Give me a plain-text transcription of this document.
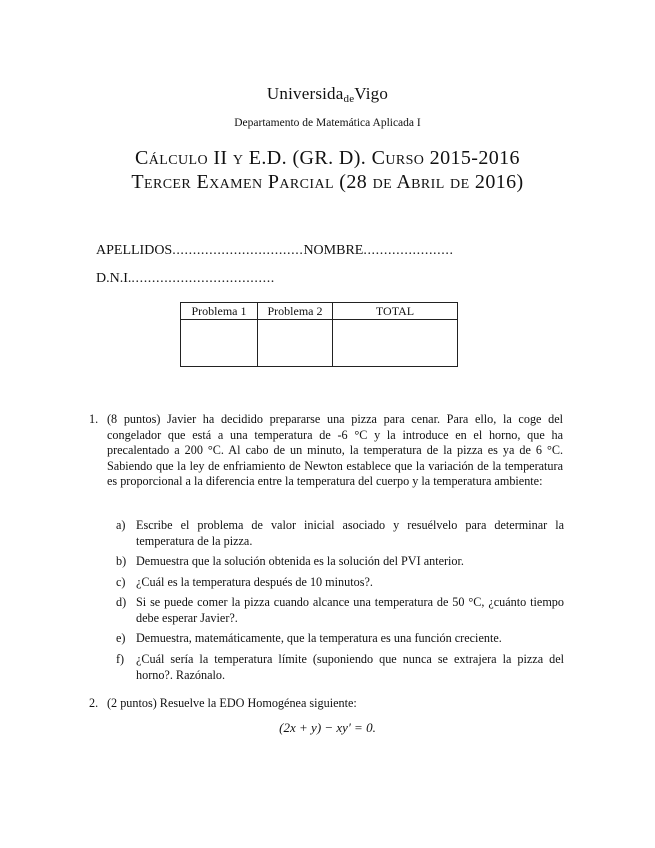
UniversidadeVigo
Departamento de Matemática Aplicada I
Cálculo II y E.D. (GR. D). Curso 2015-2016
Tercer Examen Parcial (28 de Abril de 2016)
APELLIDOS................................NOMBRE......................
D.N.I....................................
Problema 1	Problema 2	TOTAL

1. (8 puntos) Javier ha decidido prepararse una pizza para cenar. Para ello, la coge del congelador que está a una temperatura de -6 °C y la introduce en el horno, que ha precalentado a 200 °C. Al cabo de un minuto, la temperatura de la pizza es ya de 6 °C. Sabiendo que la ley de enfriamiento de Newton establece que la variación de la temperatura es proporcional a la diferencia entre la temperatura del cuerpo y la temperatura ambiente:
a) Escribe el problema de valor inicial asociado y resuélvelo para determinar la temperatura de la pizza.
b) Demuestra que la solución obtenida es la solución del PVI anterior.
c) ¿Cuál es la temperatura después de 10 minutos?.
d) Si se puede comer la pizza cuando alcance una temperatura de 50 °C, ¿cuánto tiempo debe esperar Javier?.
e) Demuestra, matemáticamente, que la temperatura es una función creciente.
f) ¿Cuál sería la temperatura límite (suponiendo que nunca se extrajera la pizza del horno?. Razónalo.
2. (2 puntos) Resuelve la EDO Homogénea siguiente:
(2x + y) − xy′ = 0.
